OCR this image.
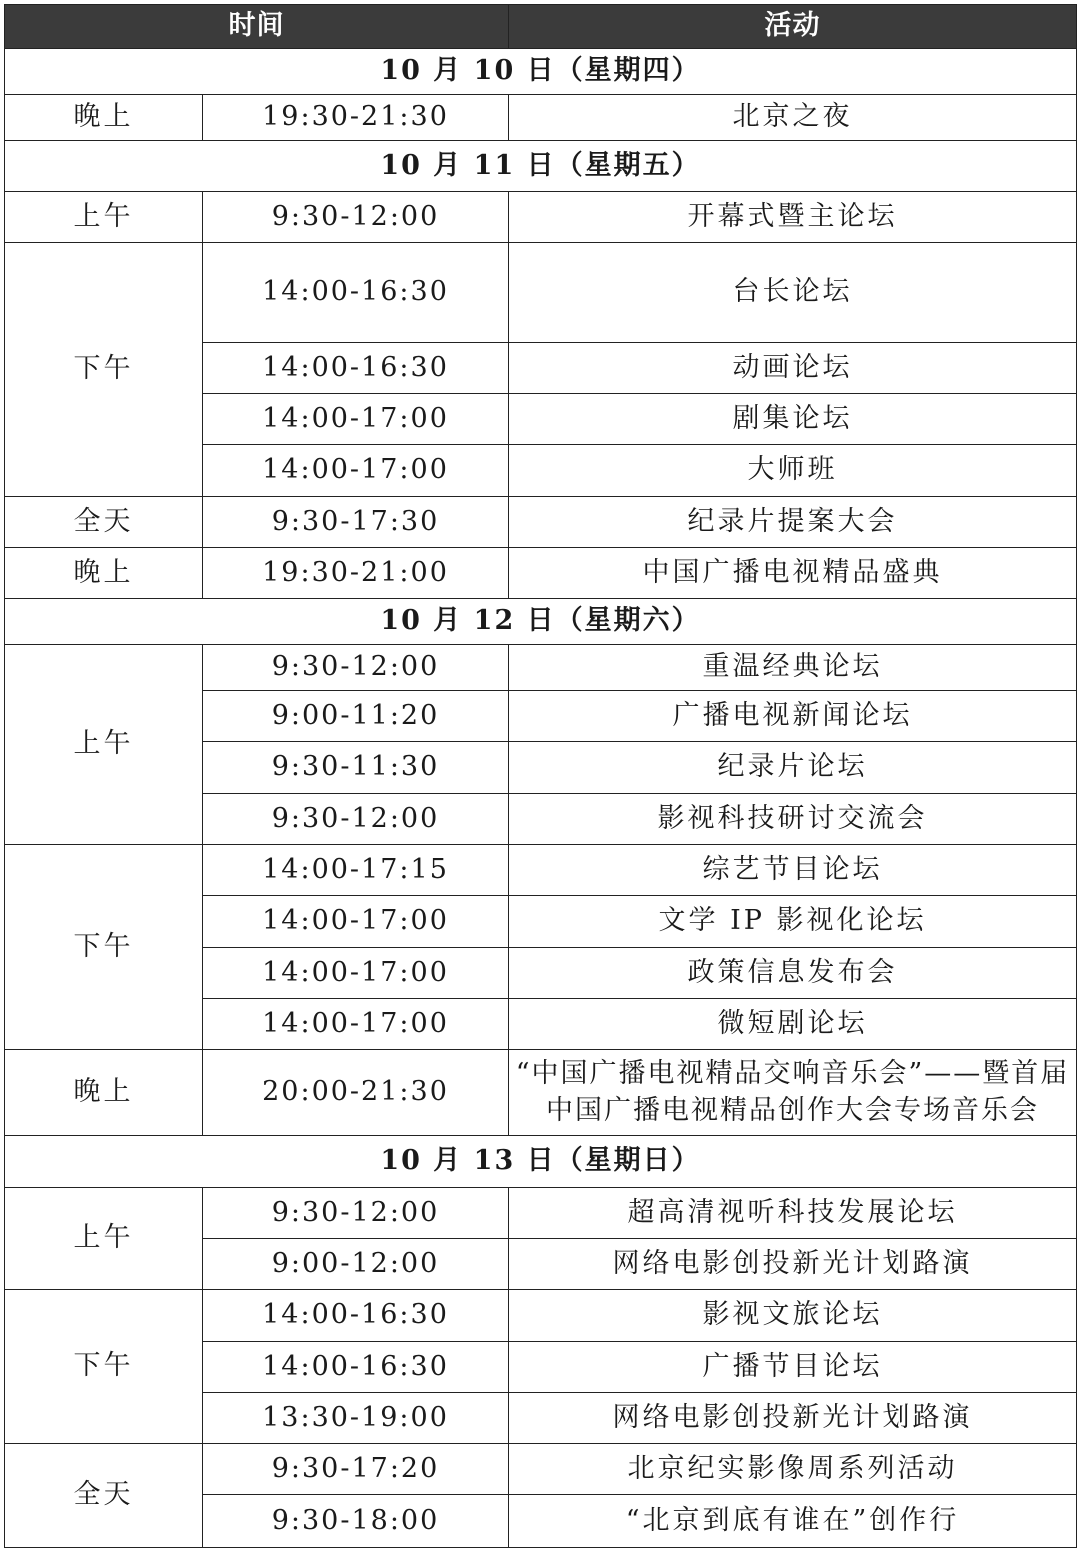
时间		活动
10 月 10 日（星期四）		
晚上	19:30-21:30	北京之夜
10 月 11 日（星期五）		
上午	9:30-12:00	开幕式暨主论坛
下午	14:00-16:30	台长论坛
	14:00-16:30	动画论坛
	14:00-17:00	剧集论坛
	14:00-17:00	大师班
全天	9:30-17:30	纪录片提案大会
晚上	19:30-21:00	中国广播电视精品盛典
10 月 12 日（星期六）		
上午	9:30-12:00	重温经典论坛
	9:00-11:20	广播电视新闻论坛
	9:30-11:30	纪录片论坛
	9:30-12:00	影视科技研讨交流会
下午	14:00-17:15	综艺节目论坛
	14:00-17:00	文学 IP 影视化论坛
	14:00-17:00	政策信息发布会
	14:00-17:00	微短剧论坛
晚上	20:00-21:30	“中国广播电视精品交响音乐会”——暨首届中国广播电视精品创作大会专场音乐会
10 月 13 日（星期日）		
上午	9:30-12:00	超高清视听科技发展论坛
	9:00-12:00	网络电影创投新光计划路演
下午	14:00-16:30	影视文旅论坛
	14:00-16:30	广播节目论坛
	13:30-19:00	网络电影创投新光计划路演
全天	9:30-17:20	北京纪实影像周系列活动
	9:30-18:00	“北京到底有谁在”创作行
